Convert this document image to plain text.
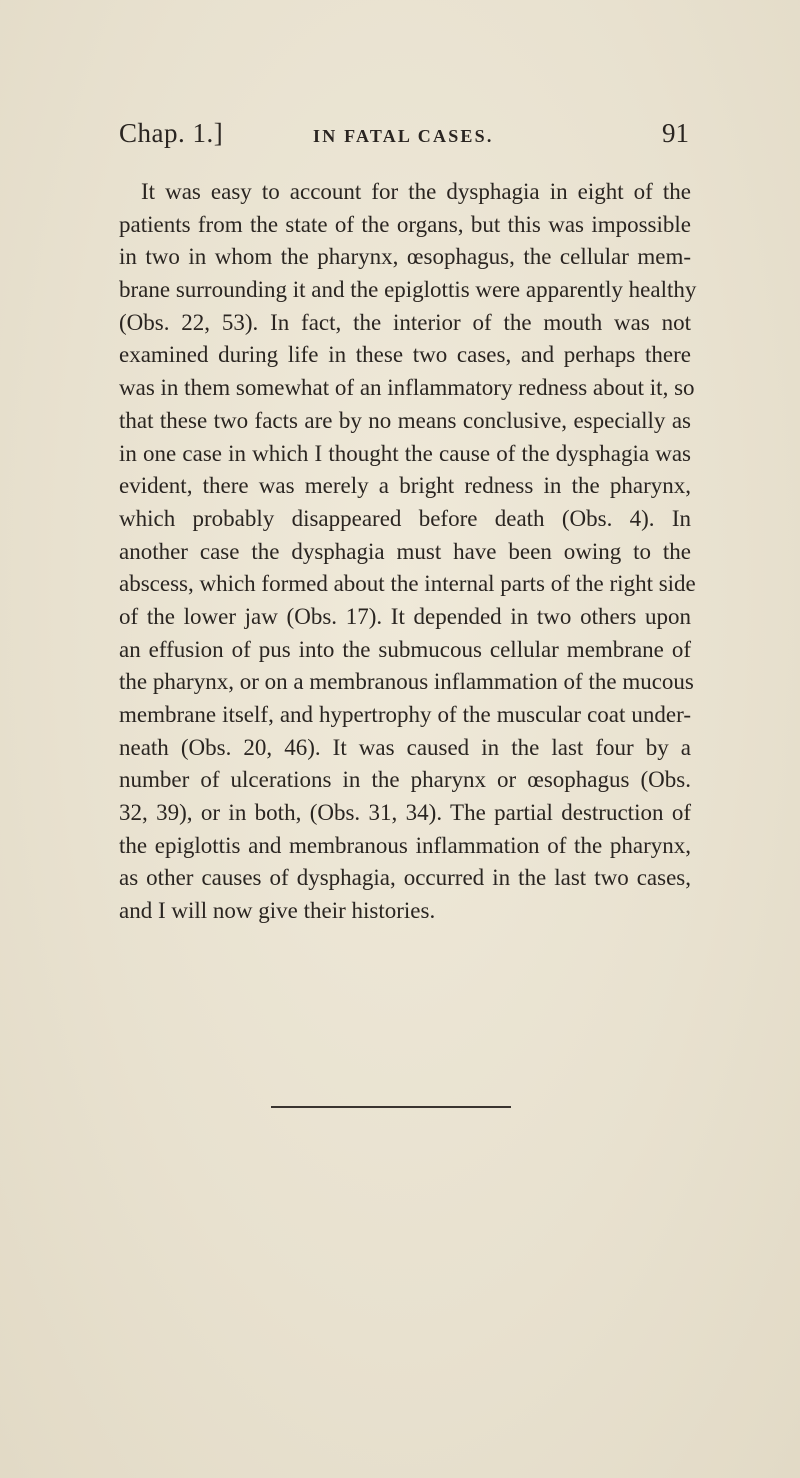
Chap. 1.]	IN FATAL CASES.	91
It was easy to account for the dysphagia in eight of the
patients from the state of the organs, but this was impossible
in two in whom the pharynx, œsophagus, the cellular mem-
brane surrounding it and the epiglottis were apparently healthy
(Obs. 22, 53). In fact, the interior of the mouth was not
examined during life in these two cases, and perhaps there
was in them somewhat of an inflammatory redness about it, so
that these two facts are by no means conclusive, especially as
in one case in which I thought the cause of the dysphagia was
evident, there was merely a bright redness in the pharynx,
which probably disappeared before death (Obs. 4). In
another case the dysphagia must have been owing to the
abscess, which formed about the internal parts of the right side
of the lower jaw (Obs. 17). It depended in two others upon
an effusion of pus into the submucous cellular membrane of
the pharynx, or on a membranous inflammation of the mucous
membrane itself, and hypertrophy of the muscular coat under-
neath (Obs. 20, 46). It was caused in the last four by a
number of ulcerations in the pharynx or œsophagus (Obs.
32, 39), or in both, (Obs. 31, 34). The partial destruction of
the epiglottis and membranous inflammation of the pharynx,
as other causes of dysphagia, occurred in the last two cases,
and I will now give their histories.
